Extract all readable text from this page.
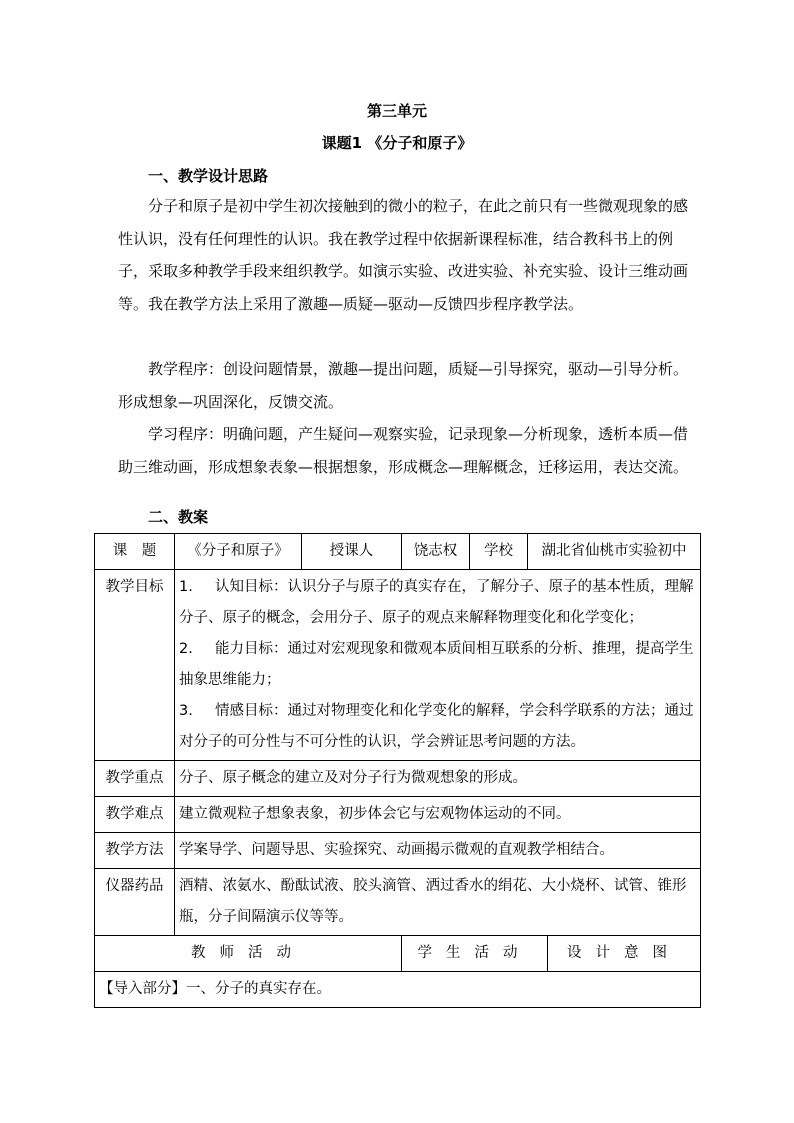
第三单元
课题1 《分子和原子》
一、教学设计思路

分子和原子是初中学生初次接触到的微小的粒子，在此之前只有一些微观现象的感性认识，没有任何理性的认识。我在教学过程中依据新课程标准，结合教科书上的例子，采取多种教学手段来组织教学。如演示实验、改进实验、补充实验、设计三维动画等。我在教学方法上采用了激趣—质疑—驱动—反馈四步程序教学法。

教学程序：创设问题情景，激趣—提出问题，质疑—引导探究，驱动—引导分析。形成想象—巩固深化，反馈交流。

学习程序：明确问题，产生疑问—观察实验，记录现象—分析现象，透析本质—借助三维动画，形成想象表象—根据想象，形成概念—理解概念，迁移运用，表达交流。

二、教案
课　题	《分子和原子》	授课人	饶志权	学校	湖北省仙桃市实验初中	
教学目标	1. 认知目标：认识分子与原子的真实存在，了解分子、原子的基本性质，理解分子、原子的概念，会用分子、原子的观点来解释物理变化和化学变化；

2. 能力目标：通过对宏观现象和微观本质间相互联系的分析、推理，提高学生抽象思维能力；

3. 情感目标：通过对物理变化和化学变化的解释，学会科学联系的方法；通过对分子的可分性与不可分性的认识，学会辨证思考问题的方法。					

教学重点	分子、原子概念的建立及对分子行为微观想象的形成。					
教学难点	建立微观粒子想象表象，初步体会它与宏观物体运动的不同。					
教学方法	学案导学、问题导思、实验探究、动画揭示微观的直观教学相结合。					
仪器药品	酒精、浓氨水、酚酞试液、胶头滴管、洒过香水的绢花、大小烧杯、试管、锥形瓶，分子间隔演示仪等等。					
教师活动			学生活动			设计意图
【导入部分】一、分子的真实存在。						
